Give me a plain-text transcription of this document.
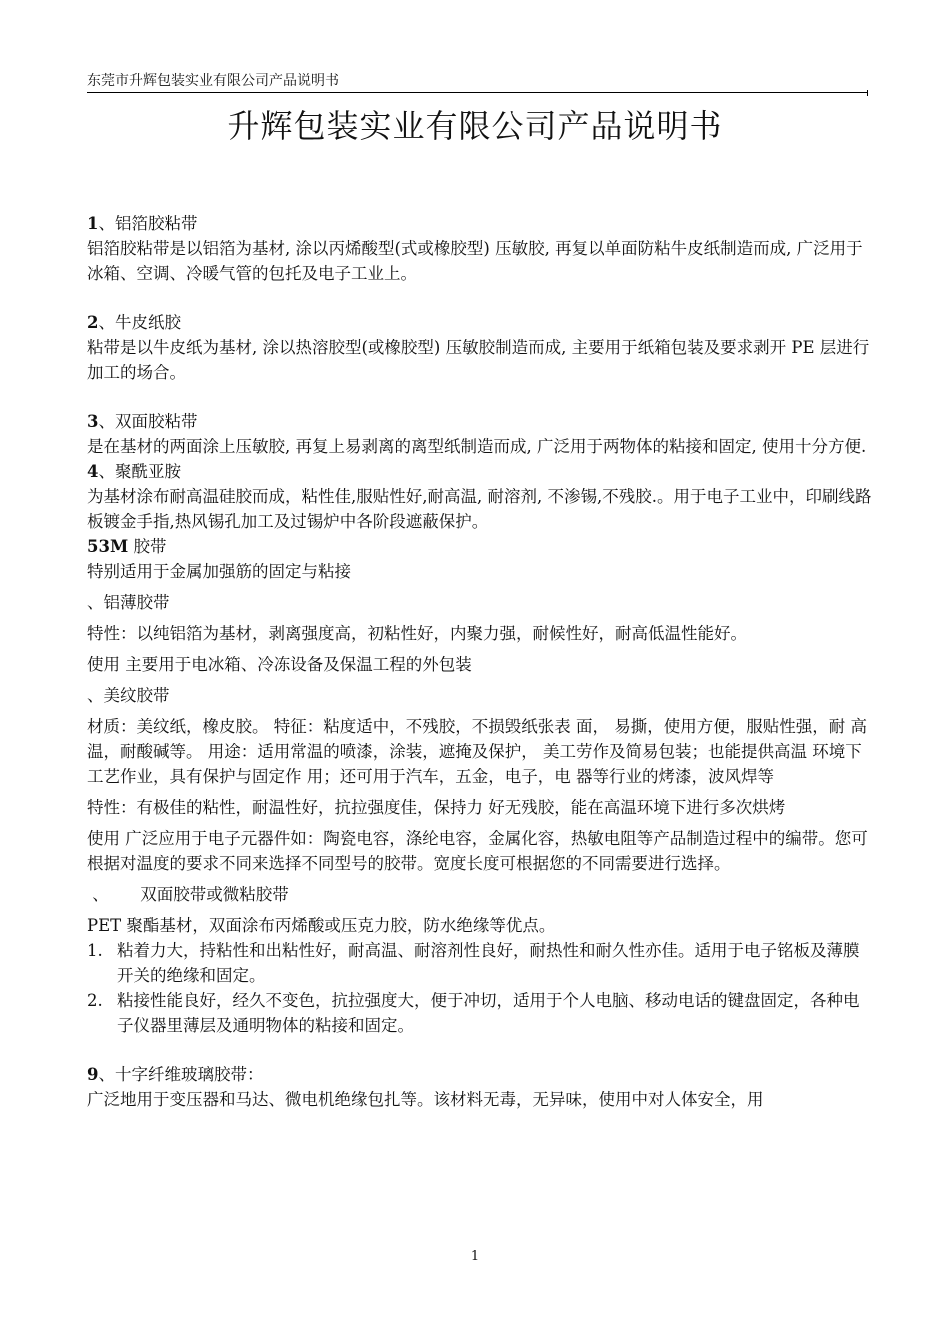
东莞市升辉包装实业有限公司产品说明书
升辉包装实业有限公司产品说明书

1、铝箔胶粘带

铝箔胶粘带是以铝箔为基材, 涂以丙烯酸型(式或橡胶型) 压敏胶, 再复以单面防粘牛皮纸制造而成, 广泛用于冰箱、空调、冷暖气管的包托及电子工业上。

2、牛皮纸胶

粘带是以牛皮纸为基材, 涂以热溶胶型(或橡胶型) 压敏胶制造而成, 主要用于纸箱包装及要求剥开 PE 层进行加工的场合。

3、双面胶粘带

是在基材的两面涂上压敏胶, 再复上易剥离的离型纸制造而成, 广泛用于两物体的粘接和固定, 使用十分方便.

4、聚酰亚胺

为基材涂布耐高温硅胶而成，粘性佳,服贴性好,耐高温, 耐溶剂, 不渗锡,不残胶.。用于电子工业中，印刷线路板镀金手指,热风锡孔加工及过锡炉中各阶段遮蔽保护。

53M 胶带

特别适用于金属加强筋的固定与粘接

、铝薄胶带

特性：以纯铝箔为基材，剥离强度高，初粘性好，内聚力强，耐候性好，耐高低温性能好。

使用 主要用于电冰箱、冷冻设备及保温工程的外包装

、美纹胶带

材质：美纹纸，橡皮胶。 特征：粘度适中，不残胶，不损毁纸张表 面， 易撕，使用方便，服贴性强，耐 高温，耐酸碱等。 用途：适用常温的喷漆，涂装，遮掩及保护， 美工劳作及简易包装；也能提供高温 环境下工艺作业，具有保护与固定作 用；还可用于汽车，五金，电子，电 器等行业的烤漆，波风焊等

特性：有极佳的粘性，耐温性好，抗拉强度佳，保持力 好无残胶，能在高温环境下进行多次烘烤

使用 广泛应用于电子元器件如：陶瓷电容，涤纶电容，金属化容，热敏电阻等产品制造过程中的编带。您可根据对温度的要求不同来选择不同型号的胶带。宽度长度可根据您的不同需要进行选择。

、      双面胶带或微粘胶带

PET 聚酯基材，双面涂布丙烯酸或压克力胶，防水绝缘等优点。

1. 粘着力大，持粘性和出粘性好，耐高温、耐溶剂性良好，耐热性和耐久性亦佳。适用于电子铭板及薄膜开关的绝缘和固定。

2. 粘接性能良好，经久不变色，抗拉强度大，便于冲切，适用于个人电脑、移动电话的键盘固定，各种电子仪器里薄层及通明物体的粘接和固定。

9、十字纤维玻璃胶带：

广泛地用于变压器和马达、微电机绝缘包扎等。该材料无毒，无异味，使用中对人体安全，用

1
